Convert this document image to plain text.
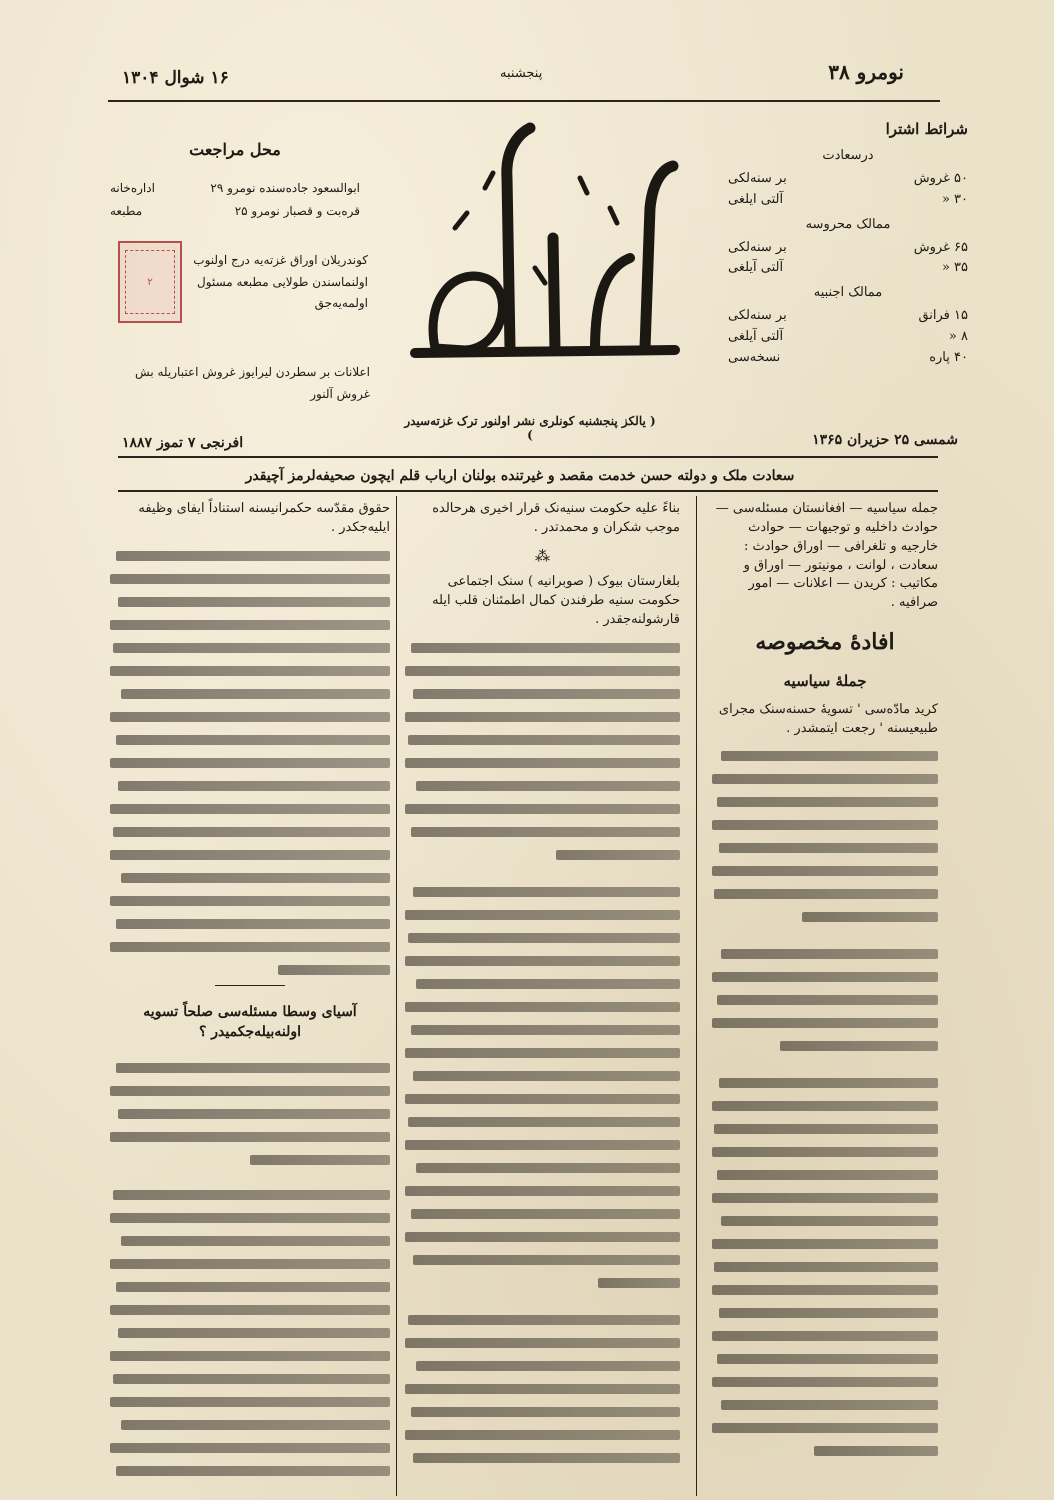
نومرو ۳۸
پنجشنبه
۱۶ شوال ۱۳۰۴
شرائط اشترا
درسعادت
بر سنه‌لکی	۵۰ غروش
آلتی ایلغی	۳۰ «
ممالک محروسه
بر سنه‌لکی	۶۵ غروش
آلتی آیلغی	۳۵ «
ممالک اجنبیه
بر سنه‌لکی	۱۵ فرانق
آلتی آیلغی	۸ «
نسخه‌سی	۴۰ پاره
شمسی ۲۵ حزیران ۱۳۶۵
محل مراجعت
اداره‌خانه	ابوالسعود جاده‌سنده نومرو ۲۹
مطبعه	قره‌بت و قصبار نومرو ۲۵
۲
کوندریلان اوراق غزته‌یه درج اولنوب اولنماسندن طولایی مطبعه مسئول اولمه‌یه‌جق
اعلانات بر سطردن لیرایوز غروش اعتباریله بش غروش آلنور
افرنجی ۷ تموز ۱۸۸۷
( یالکز پنجشنبه کونلری نشر اولنور ترک غزته‌سیدر )
سعادت ملک و دولته حسن خدمت مقصد و غیرتنده بولنان ارباب قلم ایچون صحیفه‌لرمز آچیقدر

جمله سیاسیه — افغانستان مسئله‌سی — حوادث داخلیه و توجیهات — حوادث خارجیه و تلغرافی — اوراق حوادث : سعادت ، لوانت ، مونیتور — اوراق و مکاتیب : کریدن — اعلانات — امور صرافیه .

افادهٔ مخصوصه
جملهٔ سیاسیه

کرید مادّه‌سی ' تسویهٔ حسنه‌سنک مجرای طبیعیسنه ' رجعت ایتمشدر .

بناءً علیه حکومت سنیه‌نک قرار اخیری هرحالده موجب شکران و محمدتدر .

⁂

بلغارستان بیوک ( صوبرانیه ) سنک اجتماعی حکومت سنیه طرفندن کمال اطمئنان قلب ایله قارشولنه‌جقدر .

حقوق مقدّسه حکمرانیسنه استناداً ایفای وظیفه ایلیه‌جکدر .

آسیای وسطا مسئله‌سی صلحاً تسویه اولنه‌بیله‌جکمیدر ؟
